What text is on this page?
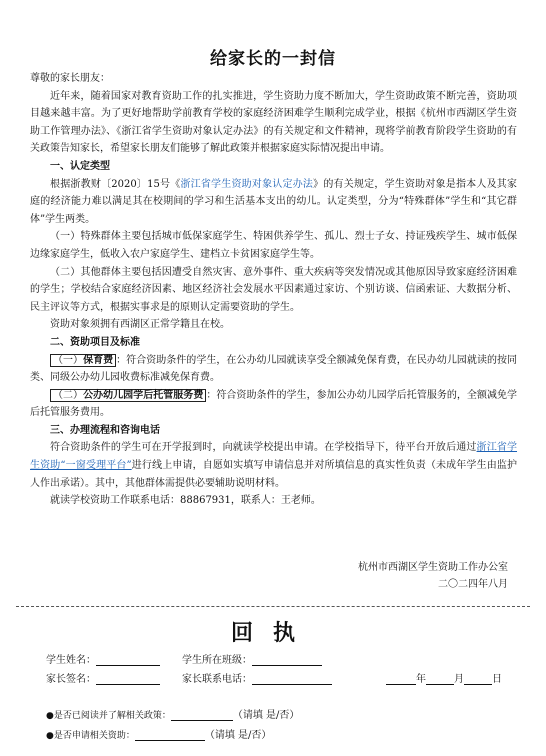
给家长的一封信

尊敬的家长朋友：

近年来，随着国家对教育资助工作的扎实推进，学生资助力度不断加大，学生资助政策不断完善，资助项目越来越丰富。为了更好地帮助学前教育学校的家庭经济困难学生顺利完成学业，根据《杭州市西湖区学生资助工作管理办法》、《浙江省学生资助对象认定办法》的有关规定和文件精神，现将学前教育阶段学生资助的有关政策告知家长，希望家长朋友们能够了解此政策并根据家庭实际情况提出申请。

一、认定类型

根据浙教财〔2020〕15号《浙江省学生资助对象认定办法》的有关规定，学生资助对象是指本人及其家庭的经济能力难以满足其在校期间的学习和生活基本支出的幼儿。认定类型，分为“特殊群体”学生和“其它群体”学生两类。

（一）特殊群体主要包括城市低保家庭学生、特困供养学生、孤儿、烈士子女、持证残疾学生、城市低保边缘家庭学生，低收入农户家庭学生、建档立卡贫困家庭学生等。

（二）其他群体主要包括因遭受自然灾害、意外事件、重大疾病等突发情况或其他原因导致家庭经济困难的学生；学校结合家庭经济因素、地区经济社会发展水平因素通过家访、个别访谈、信函索证、大数据分析、民主评议等方式，根据实事求是的原则认定需要资助的学生。

资助对象须拥有西湖区正常学籍且在校。

二、资助项目及标准

（一）保育费 ：符合资助条件的学生，在公办幼儿园就读享受全额减免保育费，在民办幼儿园就读的按同类、同级公办幼儿园收费标准减免保育费。

（二）公办幼儿园学后托管服务费 ：符合资助条件的学生，参加公办幼儿园学后托管服务的，全额减免学后托管服务费用。

三、办理流程和咨询电话

符合资助条件的学生可在开学报到时，向就读学校提出申请。在学校指导下，待平台开放后通过浙江省学生资助“一窗受理平台”进行线上申请，自愿如实填写申请信息并对所填信息的真实性负责（未成年学生由监护人作出承诺）。其中，其他群体需提供必要辅助说明材料。

就读学校资助工作联系电话：88867931，联系人：王老师。

杭州市西湖区学生资助工作办公室
二〇二四年八月
回执
学生姓名：	学生所在班级：
家长签名：	家长联系电话：	年	月	日
●是否已阅读并了解相关政策：	（请填 是/否）
●是否申请相关资助：	（请填 是/否）
